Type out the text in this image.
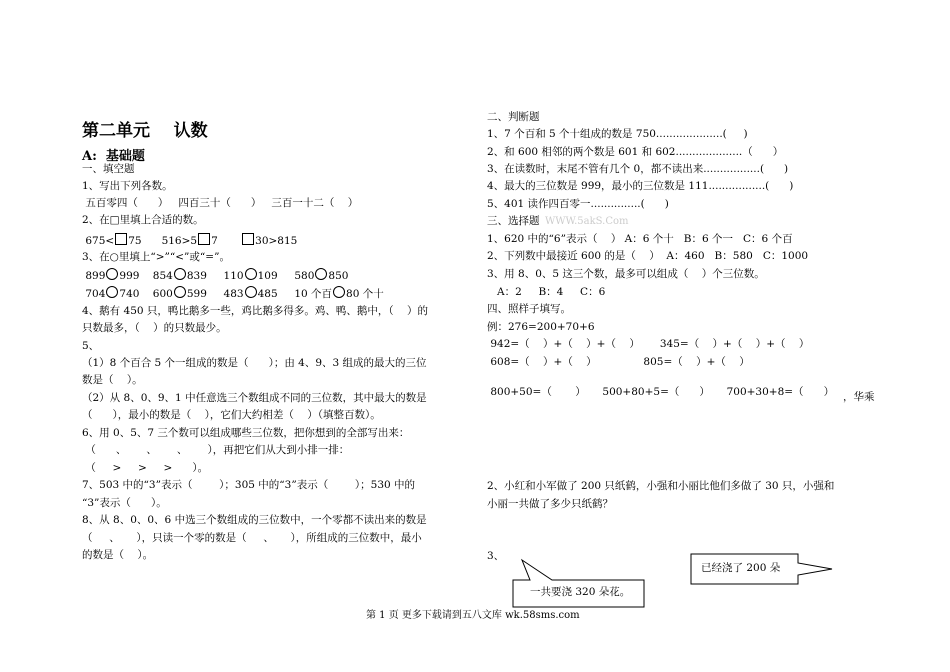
第二单元    认数
A:  基础题
一、填空题
1、写出下列各数。
五百零四（      ）   四百三十（      ）   三百一十二（    ）
2、在□里填上合适的数。
675< 75      516>5 7       30>815
3、在○里填上“>”“<”或“=”。
899 999    854 839     110 109     580 850
704 740    600 599     483 485     10 个百 80 个十
4、鹅有 450 只，鸭比鹅多一些，鸡比鹅多得多。鸡、鸭、鹅中，（    ）的
只数最多，（    ）的只数最少。
5、
（1）8 个百合 5 个一组成的数是（      ）；由 4、9、3 组成的最大的三位
数是（    ）。
（2）从 8、0、9、1 中任意选三个数组成不同的三位数，其中最大的数是
（      ），最小的数是（    ），它们大约相差（    ）（填整百数）。
6、用 0、5、7 三个数可以组成哪些三位数，把你想到的全部写出来：
（      、      、      、      ），再把它们从大到小排一排：
（     >     >     >      ）。
7、503 中的“3”表示（        ）；305 中的“3”表示（        ）；530 中的
“3”表示（      ）。
8、从 8、0、0、6 中选三个数组成的三位数中，一个零都不读出来的数是
（     、     ），只读一个零的数是（     、     ），所组成的三位数中，最小
的数是（    ）。
二、判断题
1、7 个百和 5 个十组成的数是 750....................(     )
2、和 600 相邻的两个数是 601 和 602....................（      ）
3、在读数时，末尾不管有几个 0，都不读出来.................(      )
4、最大的三位数是 999，最小的三位数是 111.................(      )
5、401 读作四百零一...............(      )
三、选择题 WWW.5akS.Com
1、620 中的“6”表示（    ） A：6 个十   B：6 个一   C：6 个百
2、下列数中最接近 600 的是（    ）  A：460   B：580   C：1000
3、用 8、0、5 这三个数，最多可以组成（    ）个三位数。
A：2     B：4     C：6
四、照样子填写。
例：276=200+70+6
942=（    ）+（    ）+（    ）      345=（    ）+（    ）+（    ）
608=（    ）+（    ）              805=（    ）+（    ）
800+50=（       ）     500+80+5=（      ）     700+30+8=（      ） ，华乘
2、小红和小军做了 200 只纸鹤，小强和小丽比他们多做了 30 只，小强和
小丽一共做了多少只纸鹤？
3、
已经浇了 200 朵
一共要浇 320 朵花。
第 1 页 更多下载请到五八文库 wk.58sms.com
